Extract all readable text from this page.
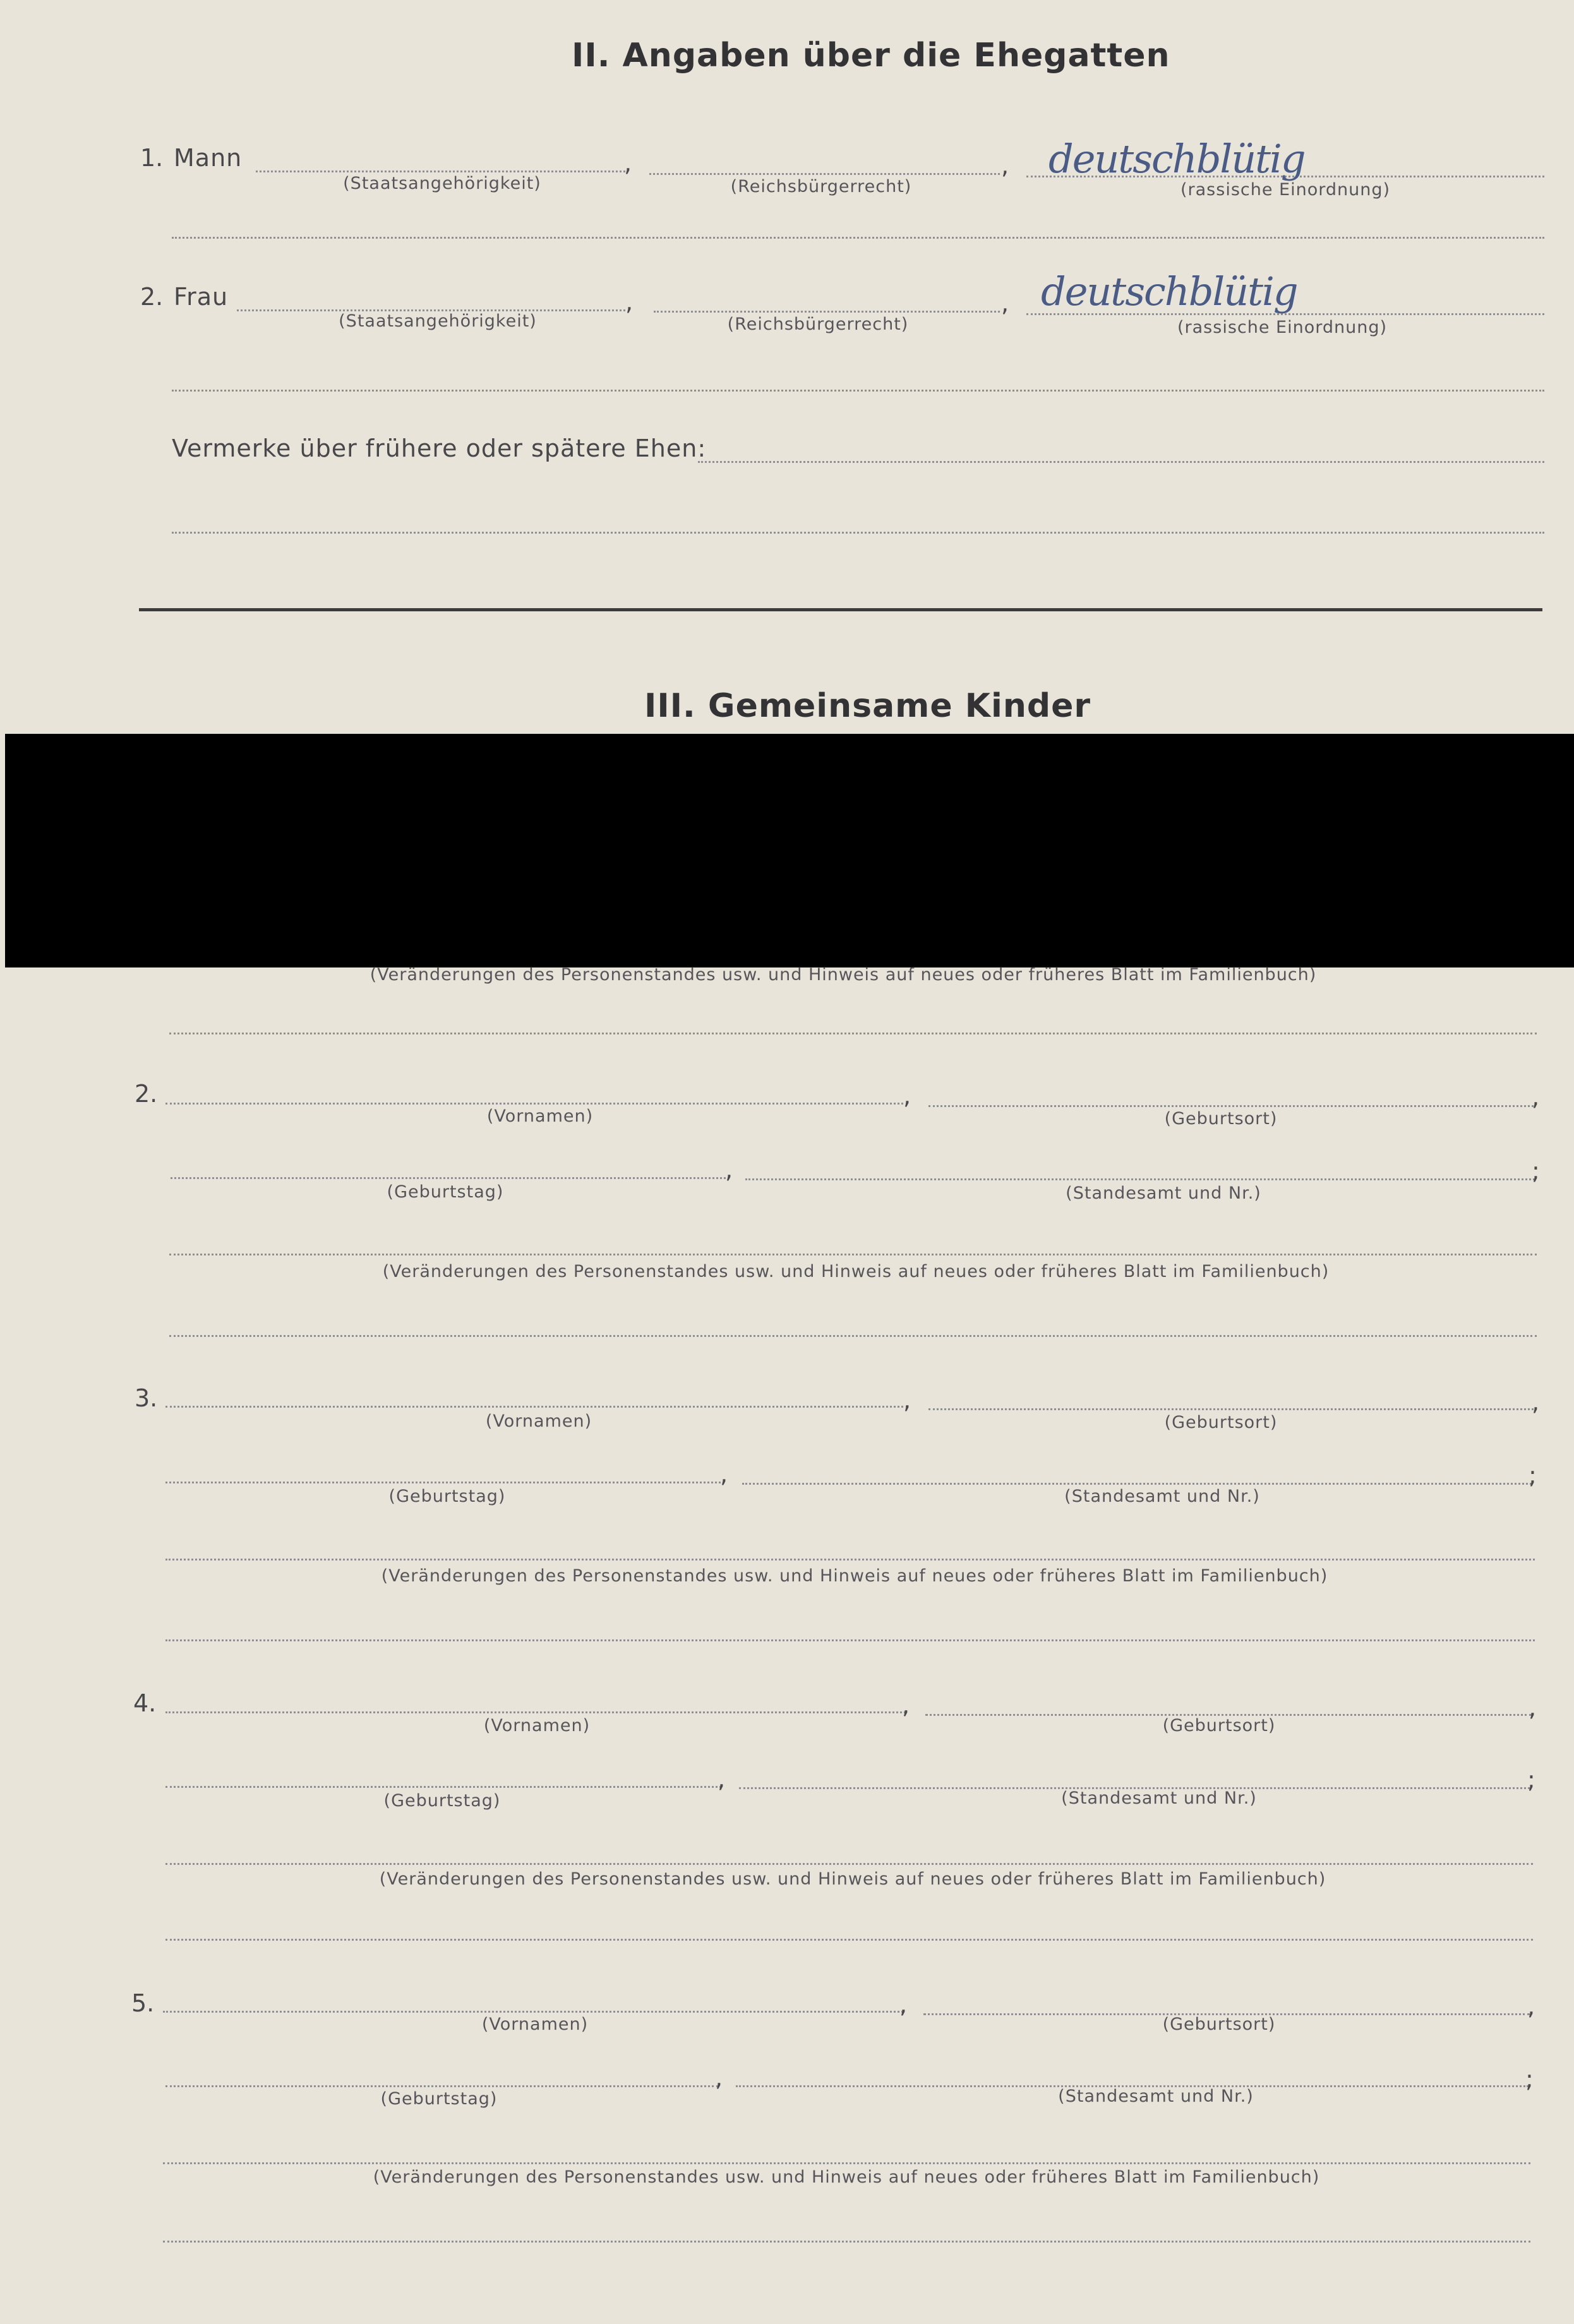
II. Angaben über die Ehegatten
1. Mann	,	, deutschblütig
(Staatsangehörigkeit)	(Reichsbürgerrecht)	(rassische Einordnung)
2. Frau	,	, deutschblütig
(Staatsangehörigkeit)	(Reichsbürgerrecht)	(rassische Einordnung)
Vermerke über frühere oder spätere Ehen:
III. Gemeinsame Kinder
(Veränderungen des Personenstandes usw. und Hinweis auf neues oder früheres Blatt im Familienbuch)
2.	,	,
(Vornamen)	(Geburtsort)
,	;
(Geburtstag)	(Standesamt und Nr.)
(Veränderungen des Personenstandes usw. und Hinweis auf neues oder früheres Blatt im Familienbuch)
3.	,	,
(Vornamen)	(Geburtsort)
,	;
(Geburtstag)	(Standesamt und Nr.)
(Veränderungen des Personenstandes usw. und Hinweis auf neues oder früheres Blatt im Familienbuch)
4.	,	,
(Vornamen)	(Geburtsort)
,	;
(Geburtstag)	(Standesamt und Nr.)
(Veränderungen des Personenstandes usw. und Hinweis auf neues oder früheres Blatt im Familienbuch)
5.	,	,
(Vornamen)	(Geburtsort)
,	;
(Geburtstag)	(Standesamt und Nr.)
(Veränderungen des Personenstandes usw. und Hinweis auf neues oder früheres Blatt im Familienbuch)
